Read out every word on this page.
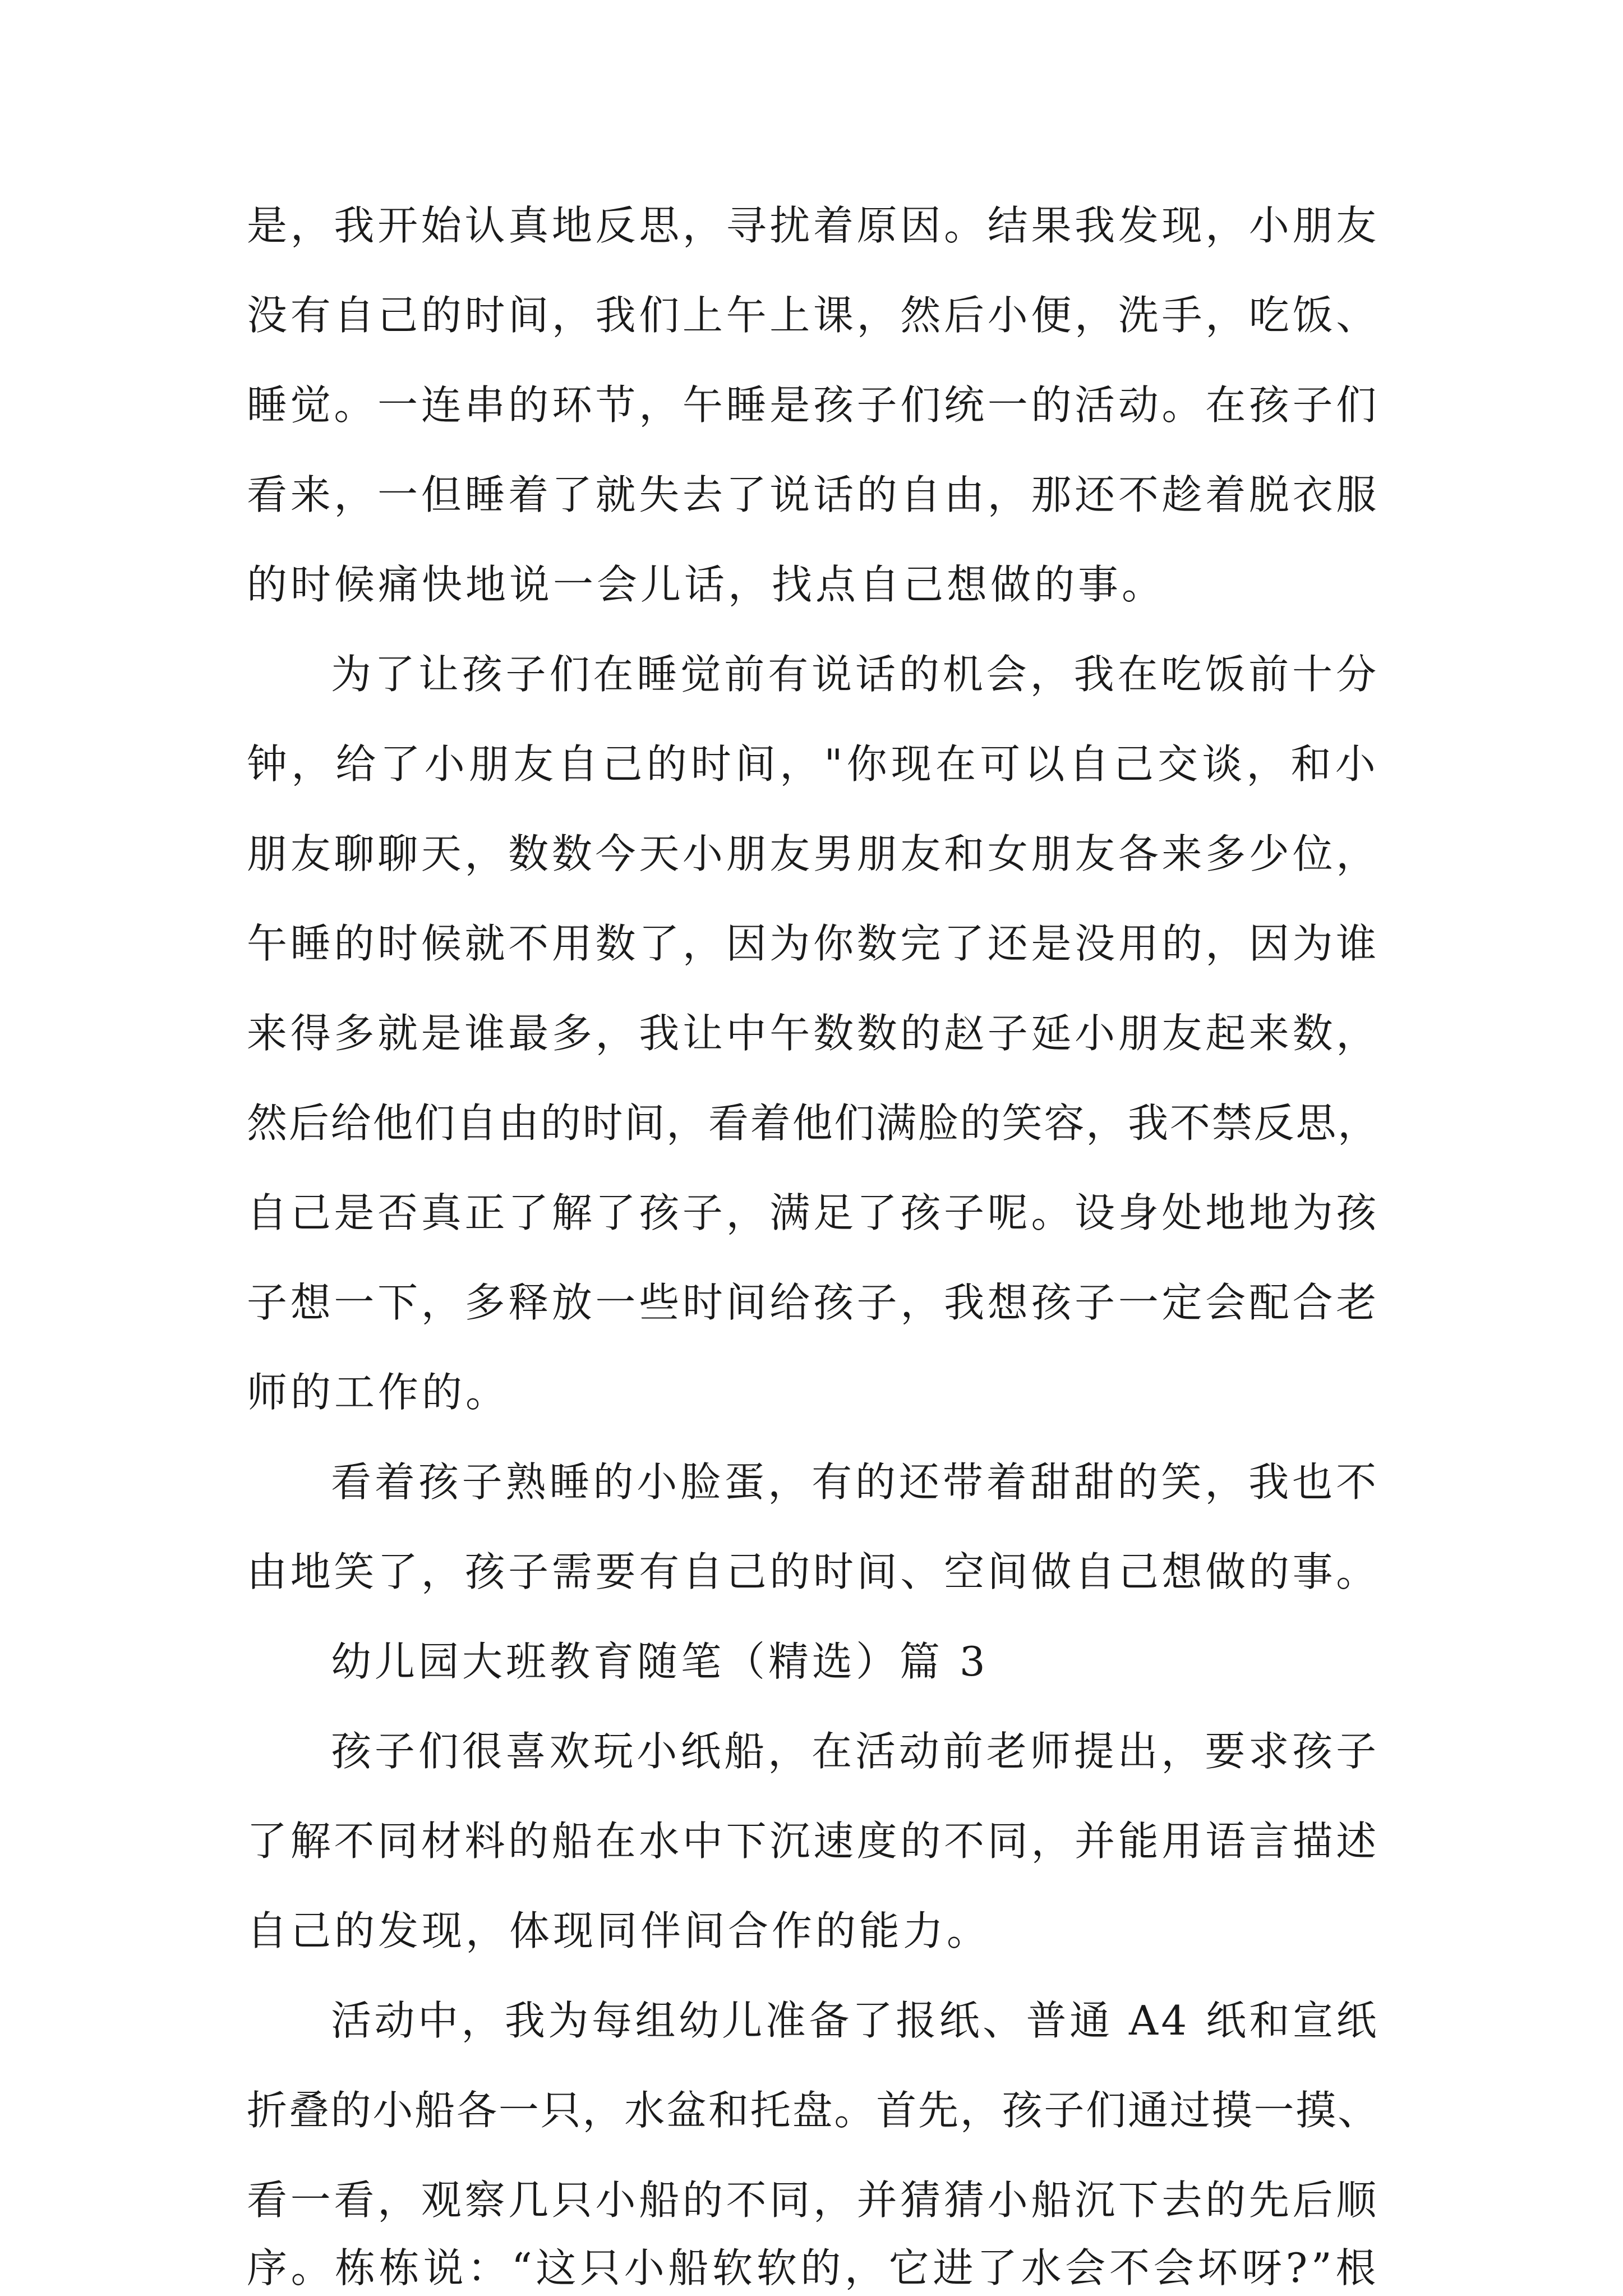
是，我开始认真地反思，寻扰着原因。结果我发现，小朋友
没有自己的时间，我们上午上课，然后小便，洗手，吃饭、
睡觉。一连串的环节，午睡是孩子们统一的活动。在孩子们
看来，一但睡着了就失去了说话的自由，那还不趁着脱衣服
的时候痛快地说一会儿话，找点自己想做的事。
为了让孩子们在睡觉前有说话的机会，我在吃饭前十分
钟，给了小朋友自己的时间，"你现在可以自己交谈，和小
朋友聊聊天，数数今天小朋友男朋友和女朋友各来多少位，
午睡的时候就不用数了，因为你数完了还是没用的，因为谁
来得多就是谁最多，我让中午数数的赵子延小朋友起来数，
然后给他们自由的时间，看着他们满脸的笑容，我不禁反思，
自己是否真正了解了孩子，满足了孩子呢。设身处地地为孩
子想一下，多释放一些时间给孩子，我想孩子一定会配合老
师的工作的。
看着孩子熟睡的小脸蛋，有的还带着甜甜的笑，我也不
由地笑了，孩子需要有自己的时间、空间做自己想做的事。
幼儿园大班教育随笔（精选）篇 3
孩子们很喜欢玩小纸船，在活动前老师提出，要求孩子
了解不同材料的船在水中下沉速度的不同，并能用语言描述
自己的发现，体现同伴间合作的能力。
活动中，我为每组幼儿准备了报纸、普通 A4 纸和宣纸
折叠的小船各一只，水盆和托盘。首先，孩子们通过摸一摸、
看一看，观察几只小船的不同，并猜猜小船沉下去的先后顺
序。栋栋说：“这只小船软软的，它进了水会不会坏呀?”根
